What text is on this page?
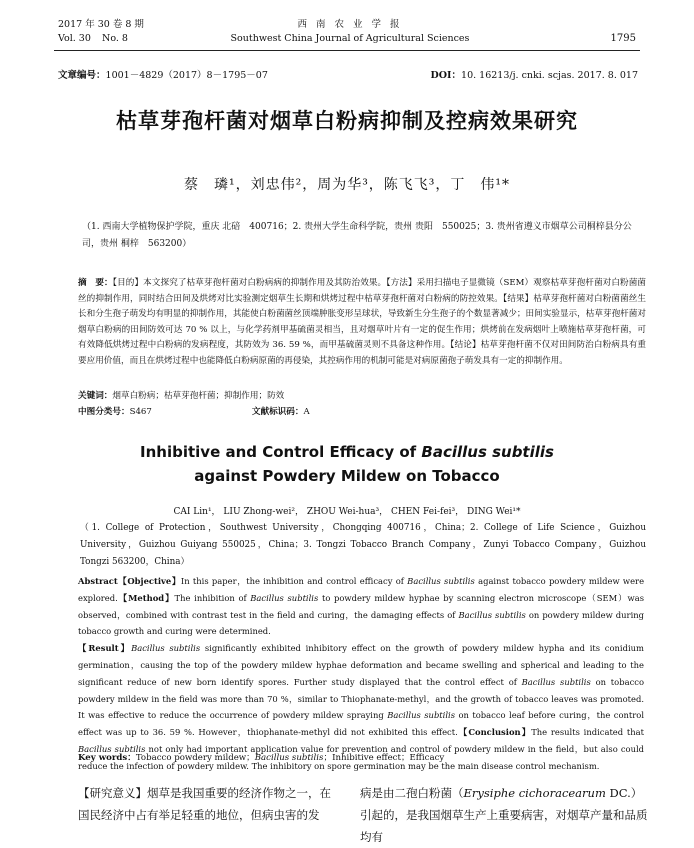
2017 年 30 卷 8 期
Vol. 30 No. 8
西 南 农 业 学 报
Southwest China Journal of Agricultural Sciences	1795
文章编号：1001－4829（2017）8－1795－07	DOI：10. 16213/j. cnki. scjas. 2017. 8. 017
枯草芽孢杆菌对烟草白粉病抑制及控病效果研究
蔡　璘¹，刘忠伟²，周为华³，陈飞飞³，丁　伟¹*
（1. 西南大学植物保护学院，重庆 北碚　400716；2. 贵州大学生命科学院，贵州 贵阳　550025；3. 贵州省遵义市烟草公司桐梓县分公司，贵州 桐梓　563200）
摘　要：【目的】本文探究了枯草芽孢杆菌对白粉病病的抑制作用及其防治效果。【方法】采用扫描电子显微镜（SEM）观察枯草芽孢杆菌对白粉菌菌丝的抑制作用，同时结合田间及烘烤对比实验测定烟草生长期和烘烤过程中枯草芽孢杆菌对白粉病的防控效果。【结果】枯草芽孢杆菌对白粉菌菌丝生长和分生孢子萌发均有明显的抑制作用，其能使白粉菌菌丝顶端肿胀变形呈球状，导致新生分生孢子的个数显著减少；田间实验显示，枯草芽孢杆菌对烟草白粉病的田间防效可达 70 % 以上，与化学药剂甲基硫菌灵相当，且对烟草叶片有一定的促生作用；烘烤前在发病烟叶上喷施枯草芽孢杆菌，可有效降低烘烤过程中白粉病的发病程度，其防效为 36. 59 %，而甲基硫菌灵则不具备这种作用。【结论】枯草芽孢杆菌不仅对田间防治白粉病具有重要应用价值，而且在烘烤过程中也能降低白粉病原菌的再侵染，其控病作用的机制可能是对病原菌孢子萌发具有一定的抑制作用。
关键词：烟草白粉病；枯草芽孢杆菌；抑制作用；防效
中图分类号：S467	文献标识码：A
Inhibitive and Control Efficacy of Bacillus subtilis
against Powdery Mildew on Tobacco
CAI Lin¹， LIU Zhong-wei²， ZHOU Wei-hua³， CHEN Fei-fei³， DING Wei¹*
（1. College of Protection，Southwest University，Chongqing 400716，China；2. College of Life Science，Guizhou University，Guizhou Guiyang 550025，China；3. Tongzi Tobacco Branch Company，Zunyi Tobacco Company，Guizhou Tongzi 563200，China）
Abstract【Objective】In this paper，the inhibition and control efficacy of Bacillus subtilis against tobacco powdery mildew were explored.【Method】The inhibition of Bacillus subtilis to powdery mildew hyphae by scanning electron microscope（SEM）was observed，combined with contrast test in the field and curing，the damaging effects of Bacillus subtilis on powdery mildew during tobacco growth and curing were determined.
【Result】Bacillus subtilis significantly exhibited inhibitory effect on the growth of powdery mildew hypha and its conidium germination，causing the top of the powdery mildew hyphae deformation and became swelling and spherical and leading to the significant reduce of new born identify spores. Further study displayed that the control effect of Bacillus subtilis on tobacco powdery mildew in the field was more than 70 %，similar to Thiophanate-methyl，and the growth of tobacco leaves was promoted. It was effective to reduce the occurrence of powdery mildew spraying Bacillus subtilis on tobacco leaf before curing，the control effect was up to 36. 59 %. However，thiophanate-methyl did not exhibited this effect.【Conclusion】The results indicated that Bacillus subtilis not only had important application value for prevention and control of powdery mildew in the field，but also could reduce the infection of powdery mildew. The inhibitory on spore germination may be the main disease control mechanism.
Key words：Tobacco powdery mildew；Bacillus subtilis；Inhibitive effect；Efficacy
【研究意义】烟草是我国重要的经济作物之一，在国民经济中占有举足轻重的地位，但病虫害的发
病是由二孢白粉菌（Erysiphe cichoracearum DC.）引起的，是我国烟草生产上重要病害，对烟草产量和品质均有
